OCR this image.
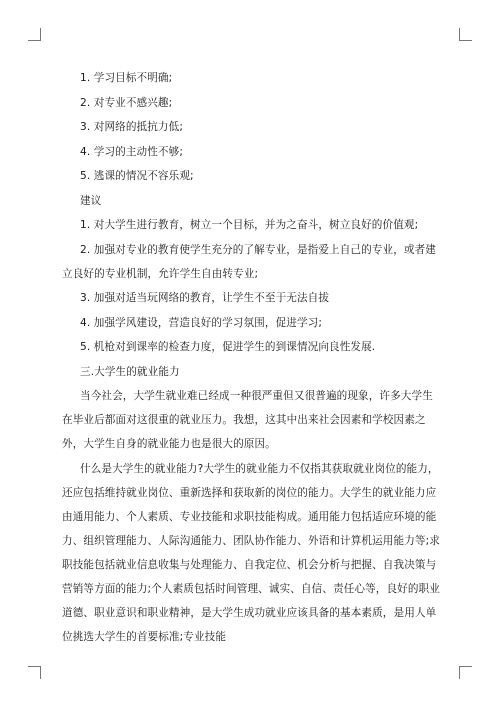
1. 学习目标不明确;

2. 对专业不感兴趣;

3. 对网络的抵抗力低;

4. 学习的主动性不够;

5. 逃课的情况不容乐观;

建议

1. 对大学生进行教育，树立一个目标，并为之奋斗，树立良好的价值观;

2. 加强对专业的教育使学生充分的了解专业，是指爱上自己的专业，或者建立良好的专业机制，允许学生自由转专业;

3. 加强对适当玩网络的教育，让学生不至于无法自拔

4. 加强学风建设，营造良好的学习氛围，促进学习;

5. 机枪对到课率的检查力度，促进学生的到课情况向良性发展.

三.大学生的就业能力

当今社会，大学生就业难已经成一种很严重但又很普遍的现象，许多大学生在毕业后都面对这很重的就业压力。我想，这其中出来社会因素和学校因素之外，大学生自身的就业能力也是很大的原因。

什么是大学生的就业能力?大学生的就业能力不仅指其获取就业岗位的能力，还应包括维持就业岗位、重新选择和获取新的岗位的能力。大学生的就业能力应由通用能力、个人素质、专业技能和求职技能构成。通用能力包括适应环境的能力、组织管理能力、人际沟通能力、团队协作能力、外语和计算机运用能力等;求职技能包括就业信息收集与处理能力、自我定位、机会分析与把握、自我决策与营销等方面的能力;个人素质包括时间管理、诚实、自信、责任心等，良好的职业道德、职业意识和职业精神，是大学生成功就业应该具备的基本素质，是用人单位挑选大学生的首要标准;专业技能
